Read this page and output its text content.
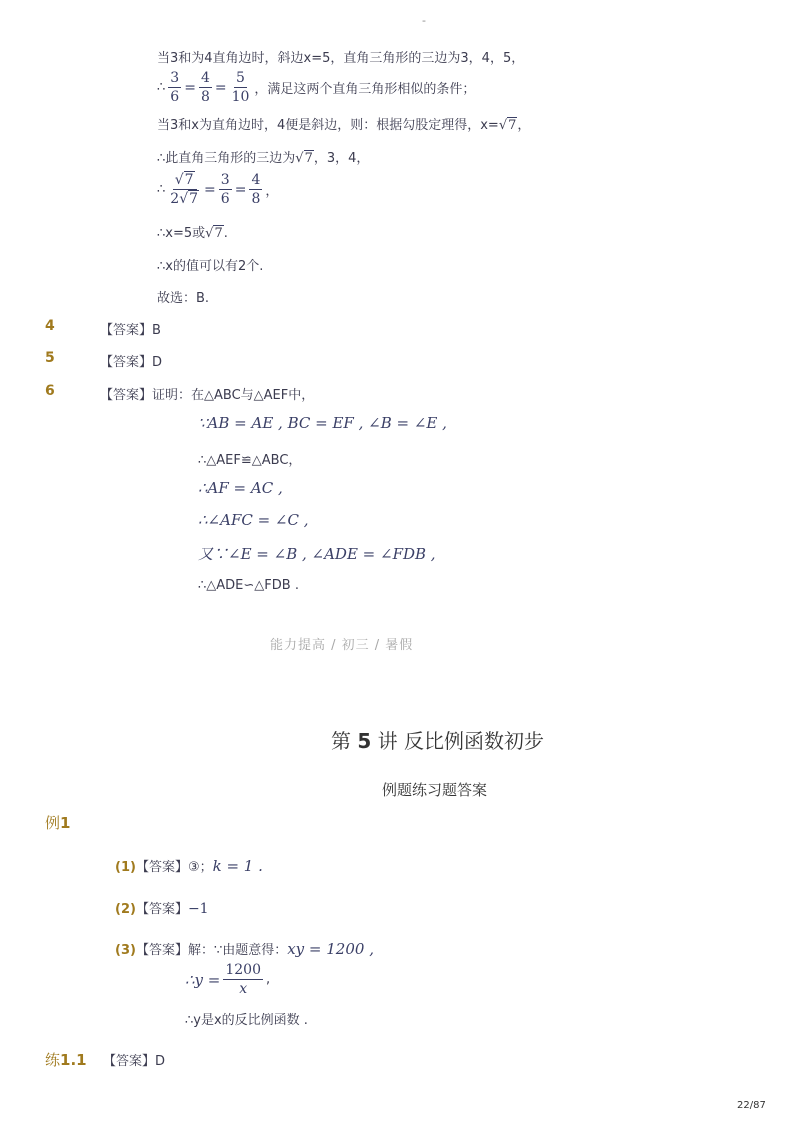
-
当3和为4直角边时，斜边x=5，直角三角形的三边为3，4，5，
∴ $\frac{3}{6} = \frac{4}{8} = \frac{5}{10}$ ，满足这两个直角三角形相似的条件；
当3和x为直角边时，4便是斜边，则：根据勾股定理得，x=√7，
∴此直角三角形的三边为√7，3，4，
∴ $\frac{√7}{2√7} = \frac{3}{6} = \frac{4}{8}$ ，
∴x=5或√7.
∴x的值可以有2个.
故选：B.
4	【答案】B
5	【答案】D
6	【答案】证明：在△ABC与△AEF中，
∵AB = AE , BC = EF , ∠B = ∠E ,
∴△AEF≌△ABC，
∴AF = AC ,
∴∠AFC = ∠C ,
又∵∠E = ∠B , ∠ADE = ∠FDB ,
∴△ADE∽△FDB .
能力提高 / 初三 / 暑假
第 5 讲 反比例函数初步
例题练习题答案
例1
(1)【答案】③；k = 1 .
(2)【答案】−1
(3)【答案】解：∵由题意得：xy = 1200 ,
∴y = $\frac{1200}{x}$ ,
∴y是x的反比例函数 .
练1.1 【答案】D
22/87
